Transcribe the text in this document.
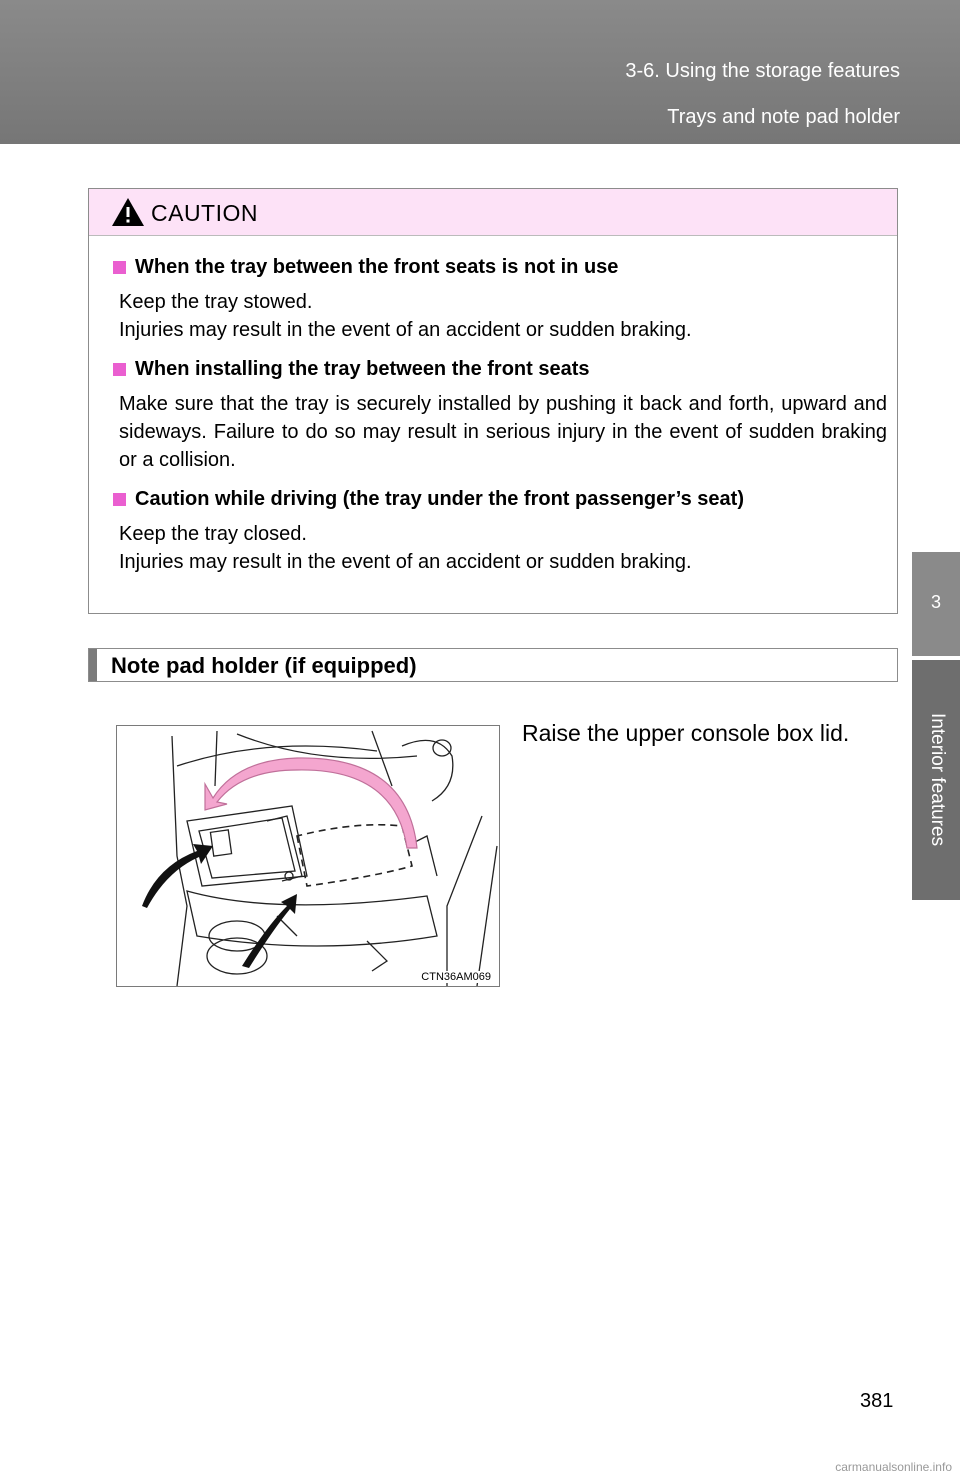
3-6. Using the storage features
Trays and note pad holder
3
Interior features
CAUTION
When the tray between the front seats is not in use

Keep the tray stowed.

Injuries may result in the event of an accident or sudden braking.

When installing the tray between the front seats

Make sure that the tray is securely installed by pushing it back and forth, upward and sideways. Failure to do so may result in serious injury in the event of sudden braking or a collision.

Caution while driving (the tray under the front passenger’s seat)

Keep the tray closed.

Injuries may result in the event of an accident or sudden braking.

Note pad holder (if equipped)
CTN36AM069
Raise the upper console box lid.
381
carmanualsonline.info
